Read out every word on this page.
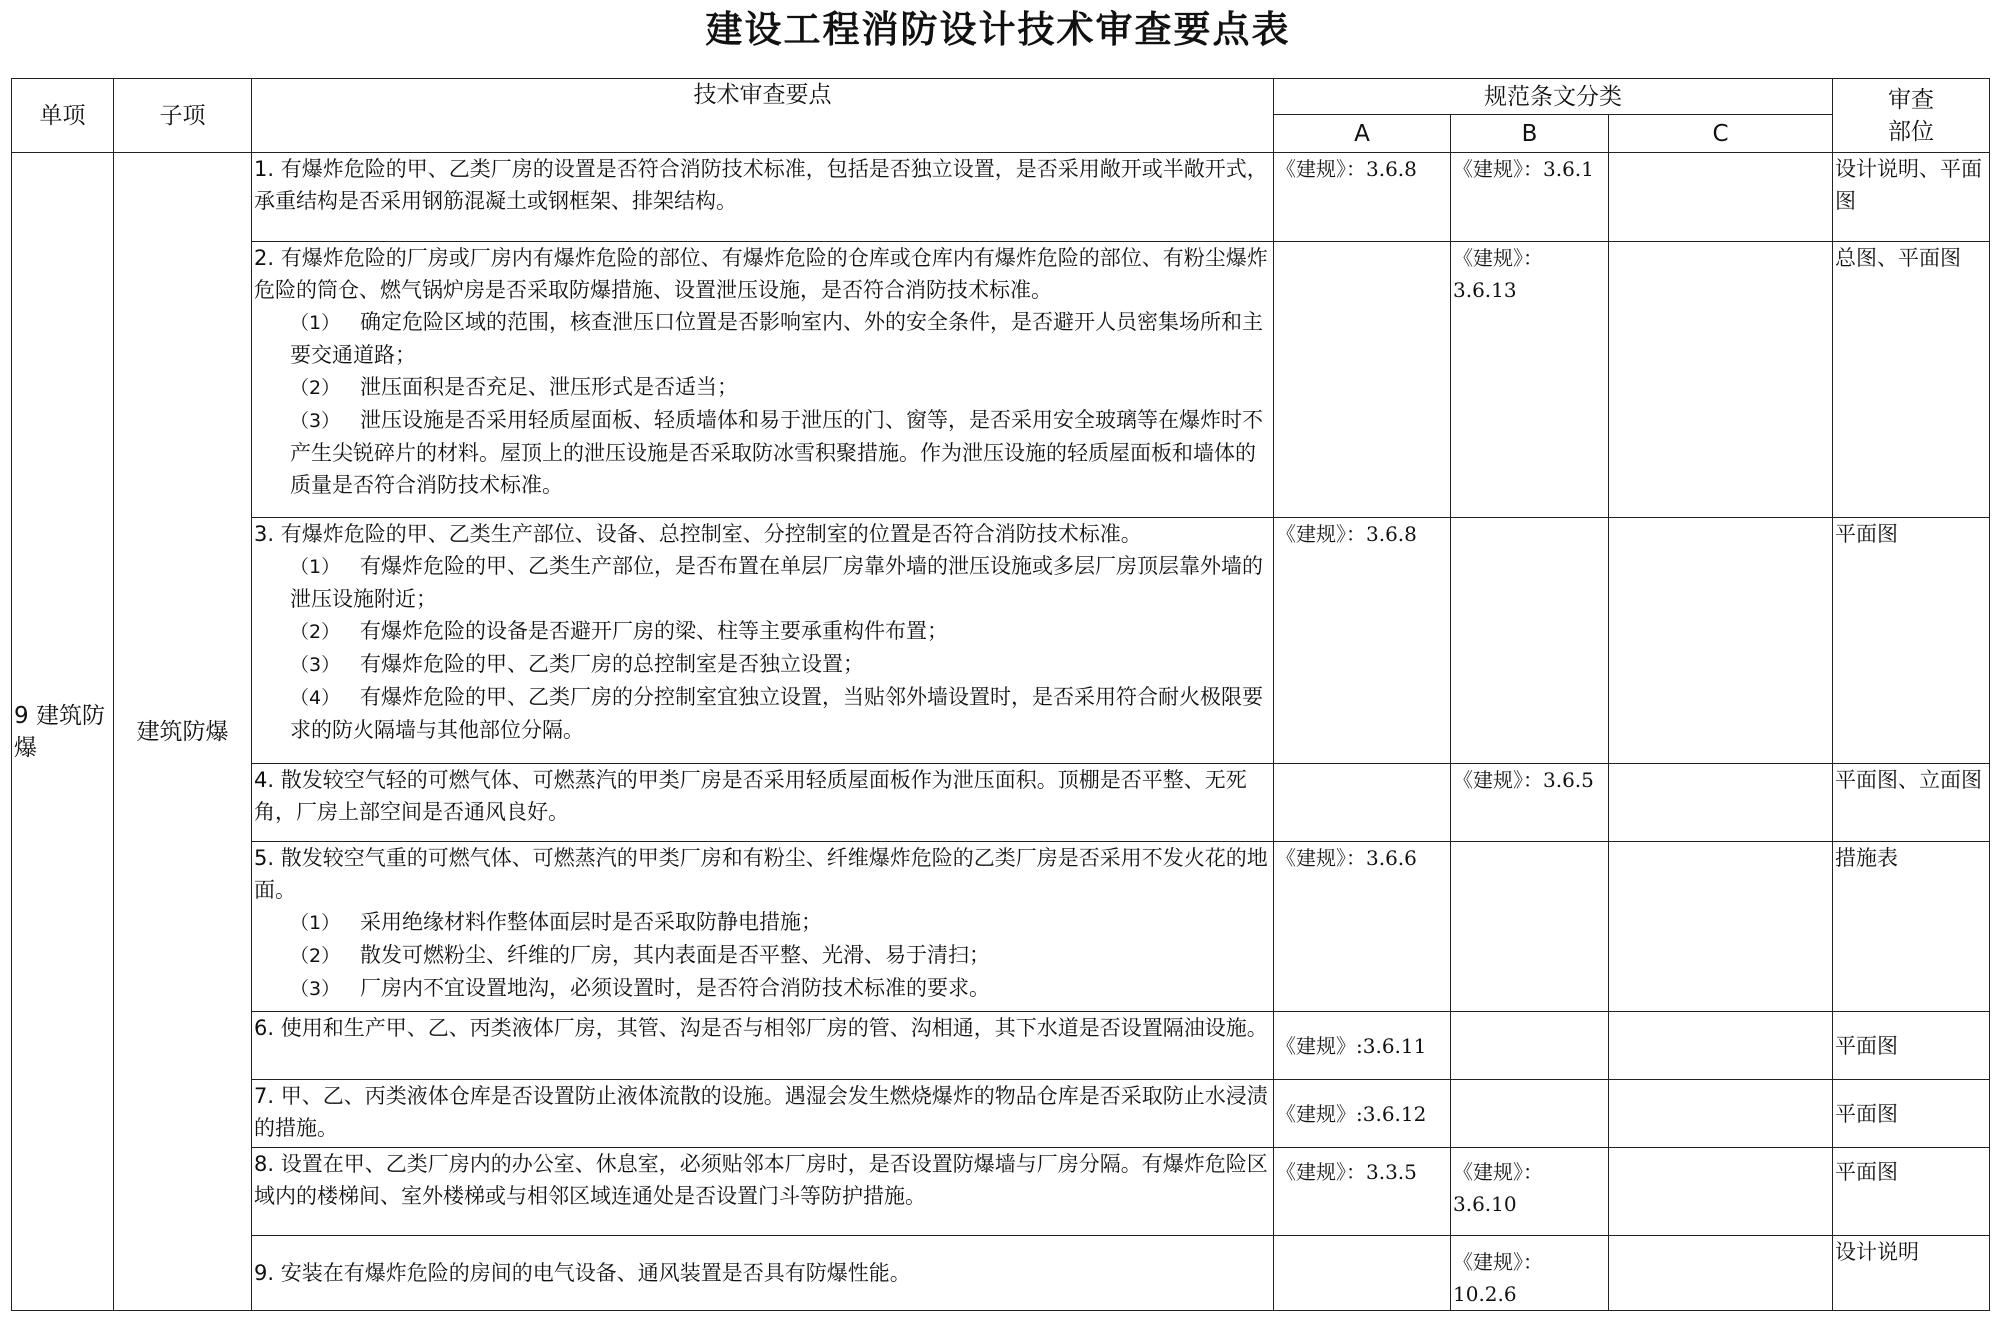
建设工程消防设计技术审查要点表
单项	子项	技术审查要点	规范条文分类			审查
部位
			A	B	C	
9 建筑防爆	建筑防爆	1. 有爆炸危险的甲、乙类厂房的设置是否符合消防技术标准，包括是否独立设置，是否采用敞开或半敞开式，承重结构是否采用钢筋混凝土或钢框架、排架结构。	《建规》：3.6.8	《建规》：3.6.1		设计说明、平面图

		2. 有爆炸危险的厂房或厂房内有爆炸危险的部位、有爆炸危险的仓库或仓库内有爆炸危险的部位、有粉尘爆炸危险的筒仓、燃气锅炉房是否采取防爆措施、设置泄压设施，是否符合消防技术标准。
（1） 确定危险区域的范围，核查泄压口位置是否影响室内、外的安全条件，是否避开人员密集场所和主要交通道路；
（2） 泄压面积是否充足、泄压形式是否适当；
（3） 泄压设施是否采用轻质屋面板、轻质墙体和易于泄压的门、窗等，是否采用安全玻璃等在爆炸时不产生尖锐碎片的材料。屋顶上的泄压设施是否采取防冰雪积聚措施。作为泄压设施的轻质屋面板和墙体的质量是否符合消防技术标准。		《建规》：3.6.13		总图、平面图

		3. 有爆炸危险的甲、乙类生产部位、设备、总控制室、分控制室的位置是否符合消防技术标准。
（1） 有爆炸危险的甲、乙类生产部位，是否布置在单层厂房靠外墙的泄压设施或多层厂房顶层靠外墙的泄压设施附近；
（2） 有爆炸危险的设备是否避开厂房的梁、柱等主要承重构件布置；
（3） 有爆炸危险的甲、乙类厂房的总控制室是否独立设置；
（4） 有爆炸危险的甲、乙类厂房的分控制室宜独立设置，当贴邻外墙设置时，是否采用符合耐火极限要求的防火隔墙与其他部位分隔。	《建规》：3.6.8			平面图

		4. 散发较空气轻的可燃气体、可燃蒸汽的甲类厂房是否采用轻质屋面板作为泄压面积。顶棚是否平整、无死角，厂房上部空间是否通风良好。		《建规》：3.6.5		平面图、立面图

		5. 散发较空气重的可燃气体、可燃蒸汽的甲类厂房和有粉尘、纤维爆炸危险的乙类厂房是否采用不发火花的地面。
（1） 采用绝缘材料作整体面层时是否采取防静电措施；
（2） 散发可燃粉尘、纤维的厂房，其内表面是否平整、光滑、易于清扫；
（3） 厂房内不宜设置地沟，必须设置时，是否符合消防技术标准的要求。	《建规》：3.6.6			措施表

		6. 使用和生产甲、乙、丙类液体厂房，其管、沟是否与相邻厂房的管、沟相通，其下水道是否设置隔油设施。	《建规》:3.6.11			平面图

		7. 甲、乙、丙类液体仓库是否设置防止液体流散的设施。遇湿会发生燃烧爆炸的物品仓库是否采取防止水浸渍的措施。	《建规》:3.6.12			平面图

		8. 设置在甲、乙类厂房内的办公室、休息室，必须贴邻本厂房时，是否设置防爆墙与厂房分隔。有爆炸危险区域内的楼梯间、室外楼梯或与相邻区域连通处是否设置门斗等防护措施。	《建规》：3.3.5	《建规》：3.6.10		平面图

		9. 安装在有爆炸危险的房间的电气设备、通风装置是否具有防爆性能。		《建规》：10.2.6		设计说明
